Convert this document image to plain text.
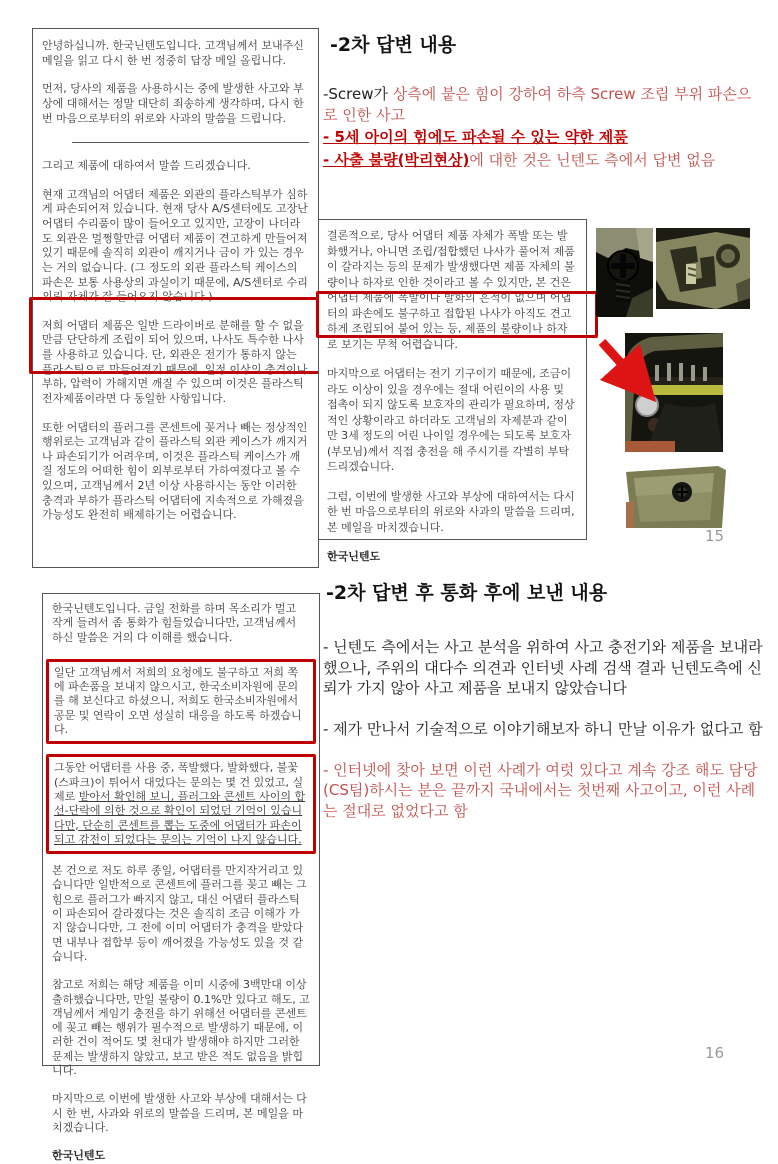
안녕하십니까. 한국닌텐도입니다. 고객님께서 보내주신 메일을 읽고 다시 한 번 정중히 답장 메일 올립니다.

먼저, 당사의 제품을 사용하시는 중에 발생한 사고와 부상에 대해서는 정말 대단히 죄송하게 생각하며, 다시 한 번 마음으로부터의 위로와 사과의 말씀을 드립니다.

그리고 제품에 대하여서 말씀 드리겠습니다.

현재 고객님의 어댑터 제품은 외관의 플라스틱부가 심하게 파손되어져 있습니다. 현재 당사 A/S센터에도 고장난 어댑터 수리품이 많이 들어오고 있지만, 고장이 나더라도 외관은 멀쩡할만큼 어댑터 제품이 견고하게 만들어져 있기 때문에 솔직히 외관이 깨지거나 금이 가 있는 경우는 거의 없습니다. (그 정도의 외관 플라스틱 케이스의 파손은 보통 사용상의 과실이기 때문에, A/S센터로 수리의뢰 자체가 잘 들어오지 않습니다.)

저희 어댑터 제품은 일반 드라이버로 분해를 할 수 없을 만큼 단단하게 조립이 되어 있으며, 나사도 특수한 나사를 사용하고 있습니다. 단, 외관은 전기가 통하지 않는 플라스틱으로 만들어졌기 때문에, 일정 이상의 충격이나 부하, 압력이 가해지면 깨질 수 있으며 이것은 플라스틱 전자제품이라면 다 동일한 사항입니다.

또한 어댑터의 플러그를 콘센트에 꽂거나 빼는 정상적인 행위로는 고객님과 같이 플라스틱 외관 케이스가 깨지거나 파손되기가 어려우며, 이것은 플라스틱 케이스가 깨질 정도의 어떠한 힘이 외부로부터 가하여졌다고 볼 수 있으며, 고객님께서 2년 이상 사용하시는 동안 이러한 충격과 부하가 플라스틱 어댑터에 지속적으로 가해졌을 가능성도 완전히 배제하기는 어렵습니다.

-2차 답변 내용

-Screw가 상측에 붙은 힘이 강하여 하측 Screw 조립 부위 파손으로 인한 사고

- 5세 아이의 힘에도 파손될 수 있는 약한 제품

- 사출 불량(박리현상)에 대한 것은 닌텐도 측에서 답변 없음

결론적으로, 당사 어댑터 제품 자체가 폭발 또는 발화했거나, 아니면 조립/접합했던 나사가 풀어져 제품이 갈라지는 등의 문제가 발생했다면 제품 자체의 불량이나 하자로 인한 것이라고 볼 수 있지만, 본 건은 어댑터 제품에 폭발이나 발화의 흔적이 없으며 어댑터의 파손에도 불구하고 접합된 나사가 아직도 견고하게 조립되어 붙어 있는 등, 제품의 불량이나 하자로 보기는 무척 어렵습니다.

마지막으로 어댑터는 전기 기구이기 때문에, 조금이라도 이상이 있을 경우에는 절대 어린이의 사용 및 접촉이 되지 않도록 보호자의 관리가 필요하며, 정상적인 상황이라고 하더라도 고객님의 자제분과 같이 만 3세 정도의 어린 나이일 경우에는 되도록 보호자(부모님)께서 직접 충전을 해 주시기를 각별히 부탁 드리겠습니다.

그럼, 이번에 발생한 사고와 부상에 대하여서는 다시 한 번 마음으로부터의 위로와 사과의 말씀을 드리며, 본 메일을 마치겠습니다.

한국닌텐도

15

한국닌텐도입니다. 금일 전화를 하며 목소리가 멀고 작게 들려서 좀 통화가 힘들었습니다만, 고객님께서 하신 말씀은 거의 다 이해를 했습니다.

일단 고객님께서 저희의 요청에도 불구하고 저희 쪽에 파손품을 보내지 않으시고, 한국소비자원에 문의를 해 보신다고 하셨으니, 저희도 한국소비자원에서 공문 및 연락이 오면 성실히 대응을 하도록 하겠습니다.

그동안 어댑터를 사용 중, 폭발했다, 발화했다, 불꽃(스파크)이 튀어서 대었다는 문의는 몇 건 있었고, 실제로 받아서 확인해 보니, 플러그와 콘센트 사이의 합선-단락에 의한 것으로 확인이 되었던 기억이 있습니다만, 단순히 콘센트를 뽑는 도중에 어댑터가 파손이 되고 감전이 되었다는 문의는 기억이 나지 않습니다.

본 건으로 저도 하루 종일, 어댑터를 만지작거리고 있습니다만 일반적으로 콘센트에 플러그를 꽂고 빼는 그 힘으로 플러그가 빠지지 않고, 대신 어댑터 플라스틱이 파손되어 갈라졌다는 것은 솔직히 조금 이해가 가지 않습니다만, 그 전에 이미 어댑터가 충격을 받았다면 내부나 접합부 등이 깨어졌을 가능성도 있을 것 같습니다.

참고로 저희는 해당 제품을 이미 시중에 3백만대 이상 출하했습니다만, 만일 불량이 0.1%만 있다고 해도, 고객님께서 게임기 충전을 하기 위해선 어댑터를 콘센트에 꽂고 빼는 행위가 필수적으로 발생하기 때문에, 이러한 건이 적어도 몇 천대가 발생해야 하지만 그러한 문제는 발생하지 않았고, 보고 받은 적도 없음을 밝힙니다.

마지막으로 이번에 발생한 사고와 부상에 대해서는 다시 한 번, 사과와 위로의 말씀을 드리며, 본 메일을 마치겠습니다.

한국닌텐도

-2차 답변 후 통화 후에 보낸 내용

- 닌텐도 측에서는 사고 분석을 위하여 사고 충전기와 제품을 보내라 했으나, 주위의 대다수 의견과 인터넷 사례 검색 결과 닌텐도측에 신뢰가 가지 않아 사고 제품을 보내지 않았습니다

- 제가 만나서 기술적으로 이야기해보자 하니 만날 이유가 없다고 함

- 인터넷에 찾아 보면 이런 사례가 여럿 있다고 계속 강조 해도 담당(CS팀)하시는 분은 끝까지 국내에서는 첫번째 사고이고, 이런 사례는 절대로 없었다고 함

16
